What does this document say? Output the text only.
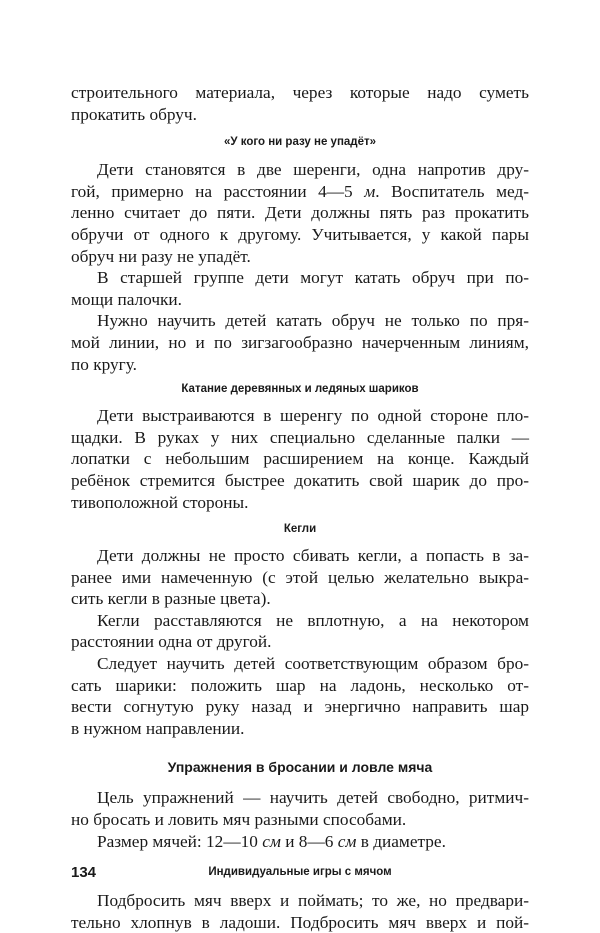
строительного материала, через которые надо суметь
прокатить обруч.

«У кого ни разу не упадёт»

Дети становятся в две шеренги, одна напротив дру-
гой, примерно на расстоянии 4—5 м. Воспитатель мед-
ленно считает до пяти. Дети должны пять раз прокатить
обручи от одного к другому. Учитывается, у какой пары
обруч ни разу не упадёт.

В старшей группе дети могут катать обруч при по-
мощи палочки.

Нужно научить детей катать обруч не только по пря-
мой линии, но и по зигзагообразно начерченным линиям,
по кругу.

Катание деревянных и ледяных шариков

Дети выстраиваются в шеренгу по одной стороне пло-
щадки. В руках у них специально сделанные палки —
лопатки с небольшим расширением на конце. Каждый
ребёнок стремится быстрее докатить свой шарик до про-
тивоположной стороны.

Кегли

Дети должны не просто сбивать кегли, а попасть в за-
ранее ими намеченную (с этой целью желательно выкра-
сить кегли в разные цвета).

Кегли расставляются не вплотную, а на некотором
расстоянии одна от другой.

Следует научить детей соответствующим образом бро-
сать шарики: положить шар на ладонь, несколько от-
вести согнутую руку назад и энергично направить шар
в нужном направлении.

Упражнения в бросании и ловле мяча

Цель упражнений — научить детей свободно, ритмич-
но бросать и ловить мяч разными способами.

Размер мячей: 12—10 см и 8—6 см в диаметре.

Индивидуальные игры с мячом

Подбросить мяч вверх и поймать; то же, но предвари-
тельно хлопнув в ладоши. Подбросить мяч вверх и пой-

134
